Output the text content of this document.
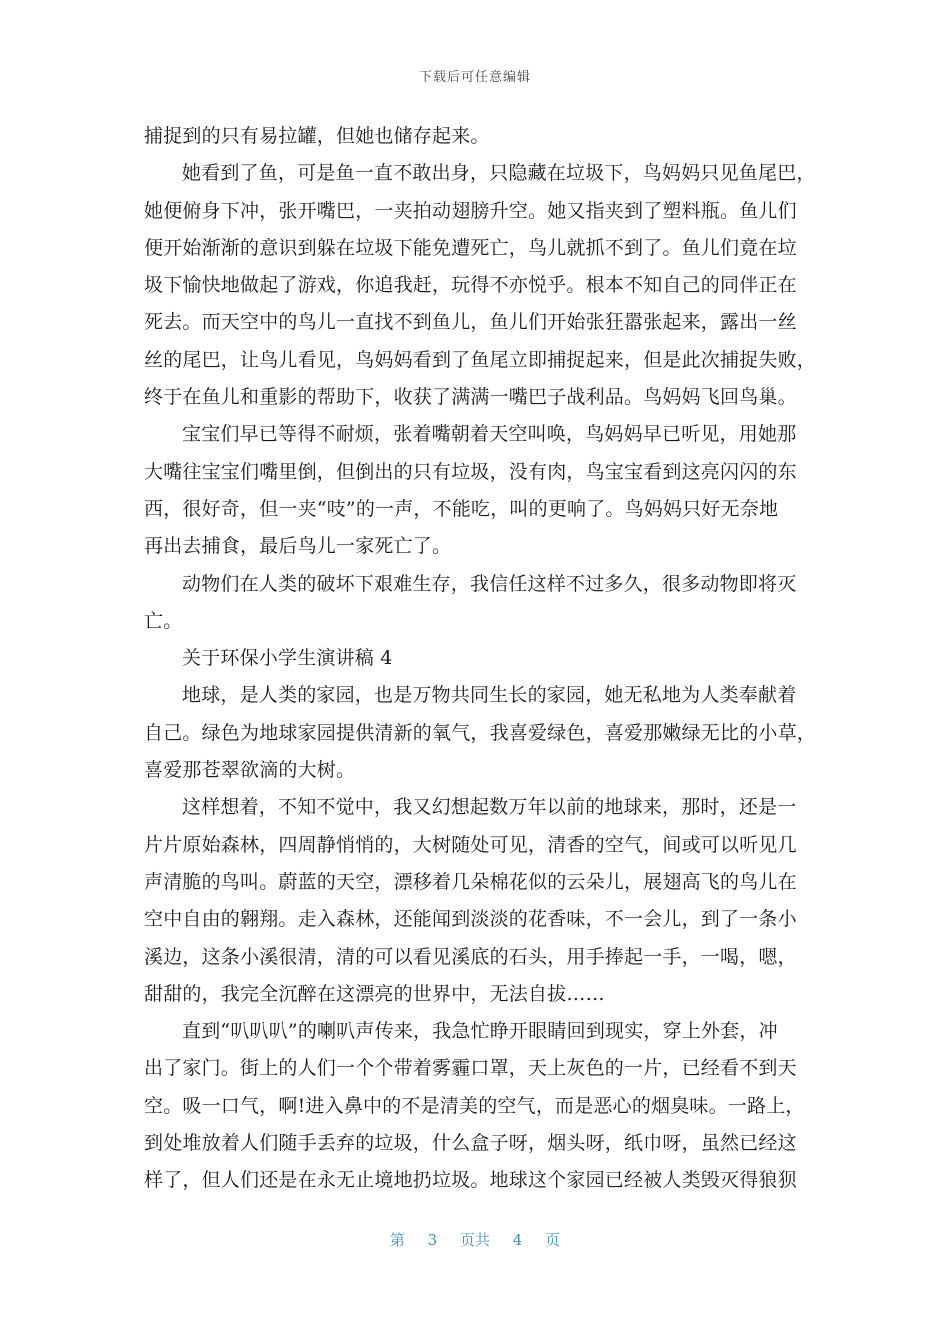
下载后可任意编辑
捕捉到的只有易拉罐，但她也储存起来。
她看到了鱼，可是鱼一直不敢出身，只隐藏在垃圾下，鸟妈妈只见鱼尾巴，
她便俯身下冲，张开嘴巴，一夹拍动翅膀升空。她又指夹到了塑料瓶。鱼儿们
便开始渐渐的意识到躲在垃圾下能免遭死亡，鸟儿就抓不到了。鱼儿们竟在垃
圾下愉快地做起了游戏，你追我赶，玩得不亦悦乎。根本不知自己的同伴正在
死去。而天空中的鸟儿一直找不到鱼儿，鱼儿们开始张狂嚣张起来，露出一丝
丝的尾巴，让鸟儿看见，鸟妈妈看到了鱼尾立即捕捉起来，但是此次捕捉失败，
终于在鱼儿和重影的帮助下，收获了满满一嘴巴子战利品。鸟妈妈飞回鸟巢。
宝宝们早已等得不耐烦，张着嘴朝着天空叫唤，鸟妈妈早已听见，用她那
大嘴往宝宝们嘴里倒，但倒出的只有垃圾，没有肉，鸟宝宝看到这亮闪闪的东
西，很好奇，但一夹“吱”的一声，不能吃，叫的更响了。鸟妈妈只好无奈地
再出去捕食，最后鸟儿一家死亡了。
动物们在人类的破坏下艰难生存，我信任这样不过多久，很多动物即将灭
亡。
关于环保小学生演讲稿 4
地球，是人类的家园，也是万物共同生长的家园，她无私地为人类奉献着
自己。绿色为地球家园提供清新的氧气，我喜爱绿色，喜爱那嫩绿无比的小草，
喜爱那苍翠欲滴的大树。
这样想着，不知不觉中，我又幻想起数万年以前的地球来，那时，还是一
片片原始森林，四周静悄悄的，大树随处可见，清香的空气，间或可以听见几
声清脆的鸟叫。蔚蓝的天空，漂移着几朵棉花似的云朵儿，展翅高飞的鸟儿在
空中自由的翱翔。走入森林，还能闻到淡淡的花香味，不一会儿，到了一条小
溪边，这条小溪很清，清的可以看见溪底的石头，用手捧起一手，一喝，嗯，
甜甜的，我完全沉醉在这漂亮的世界中，无法自拔……
直到“叭叭叭”的喇叭声传来，我急忙睁开眼睛回到现实，穿上外套，冲
出了家门。街上的人们一个个带着雾霾口罩，天上灰色的一片，已经看不到天
空。吸一口气，啊!进入鼻中的不是清美的空气，而是恶心的烟臭味。一路上，
到处堆放着人们随手丢弃的垃圾，什么盒子呀，烟头呀，纸巾呀，虽然已经这
样了，但人们还是在永无止境地扔垃圾。地球这个家园已经被人类毁灭得狼狈
第 3 页共 4 页
